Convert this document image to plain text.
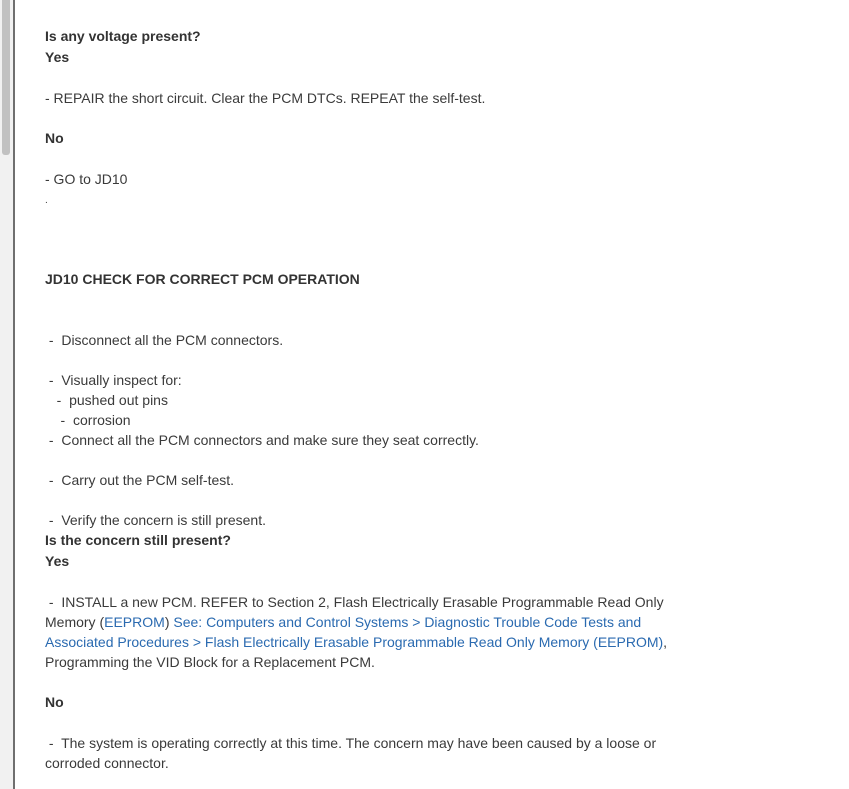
Is any voltage present?
Yes
- REPAIR the short circuit. Clear the PCM DTCs. REPEAT the self-test.
No
- GO to JD10
.
JD10 CHECK FOR CORRECT PCM OPERATION
-  Disconnect all the PCM connectors.
-  Visually inspect for:
-  pushed out pins
-  corrosion
-  Connect all the PCM connectors and make sure they seat correctly.
-  Carry out the PCM self-test.
-  Verify the concern is still present.
Is the concern still present?
Yes
-  INSTALL a new PCM. REFER to Section 2, Flash Electrically Erasable Programmable Read Only
Memory (EEPROM) See: Computers and Control Systems > Diagnostic Trouble Code Tests and
Associated Procedures > Flash Electrically Erasable Programmable Read Only Memory (EEPROM),
Programming the VID Block for a Replacement PCM.
No
-  The system is operating correctly at this time. The concern may have been caused by a loose or
corroded connector.
